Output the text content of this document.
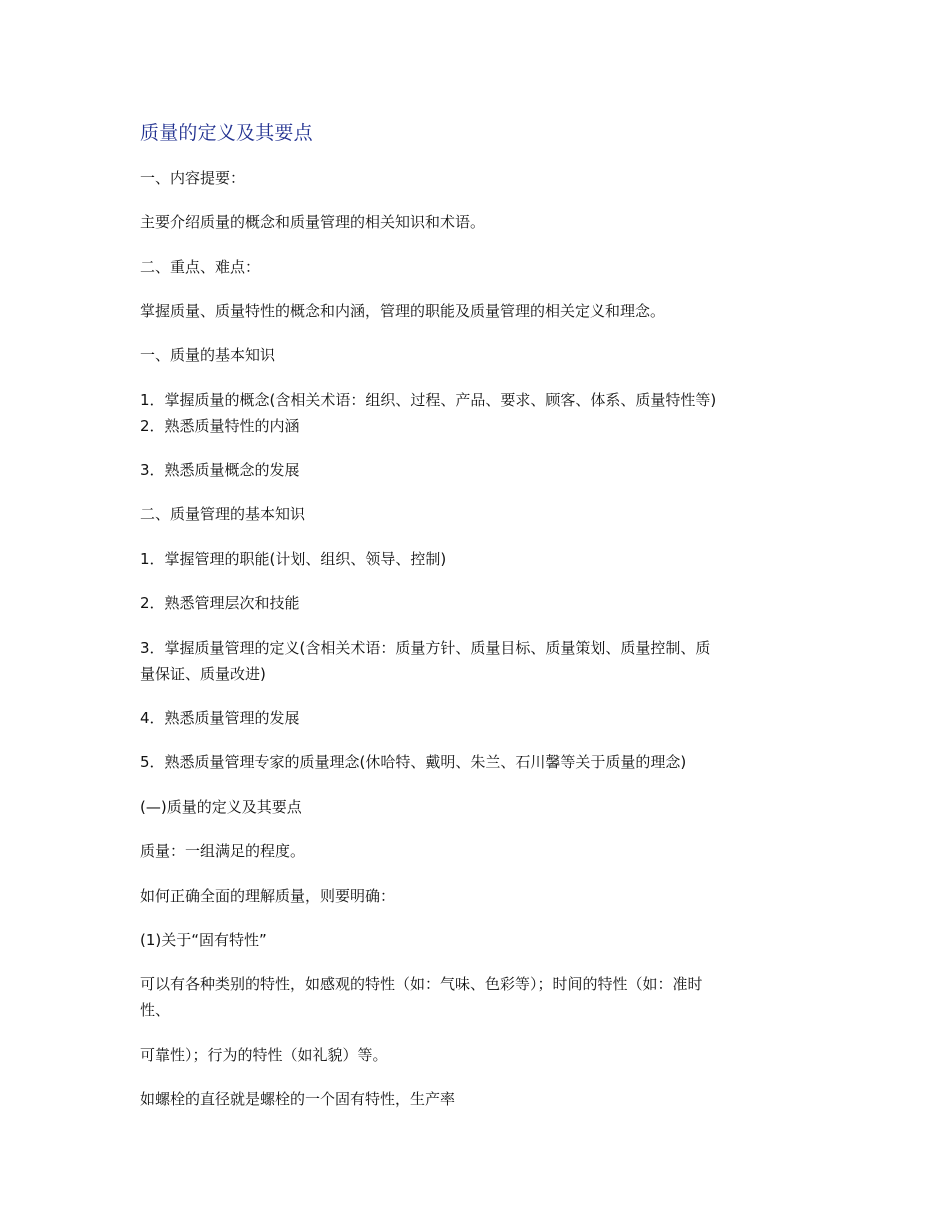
质量的定义及其要点
一、内容提要：
主要介绍质量的概念和质量管理的相关知识和术语。
二、重点、难点：
掌握质量、质量特性的概念和内涵，管理的职能及质量管理的相关定义和理念。
一、质量的基本知识
1．掌握质量的概念(含相关术语：组织、过程、产品、要求、顾客、体系、质量特性等)
2．熟悉质量特性的内涵
3．熟悉质量概念的发展
二、质量管理的基本知识
1．掌握管理的职能(计划、组织、领导、控制)
2．熟悉管理层次和技能
3．掌握质量管理的定义(含相关术语：质量方针、质量目标、质量策划、质量控制、质
量保证、质量改进)
4．熟悉质量管理的发展
5．熟悉质量管理专家的质量理念(休哈特、戴明、朱兰、石川馨等关于质量的理念)
(—)质量的定义及其要点
质量：一组满足的程度。
如何正确全面的理解质量，则要明确：
(1)关于“固有特性”
可以有各种类别的特性，如感观的特性（如：气味、色彩等）；时间的特性（如：准时
性、
可靠性）；行为的特性（如礼貌）等。
如螺栓的直径就是螺栓的一个固有特性，生产率
